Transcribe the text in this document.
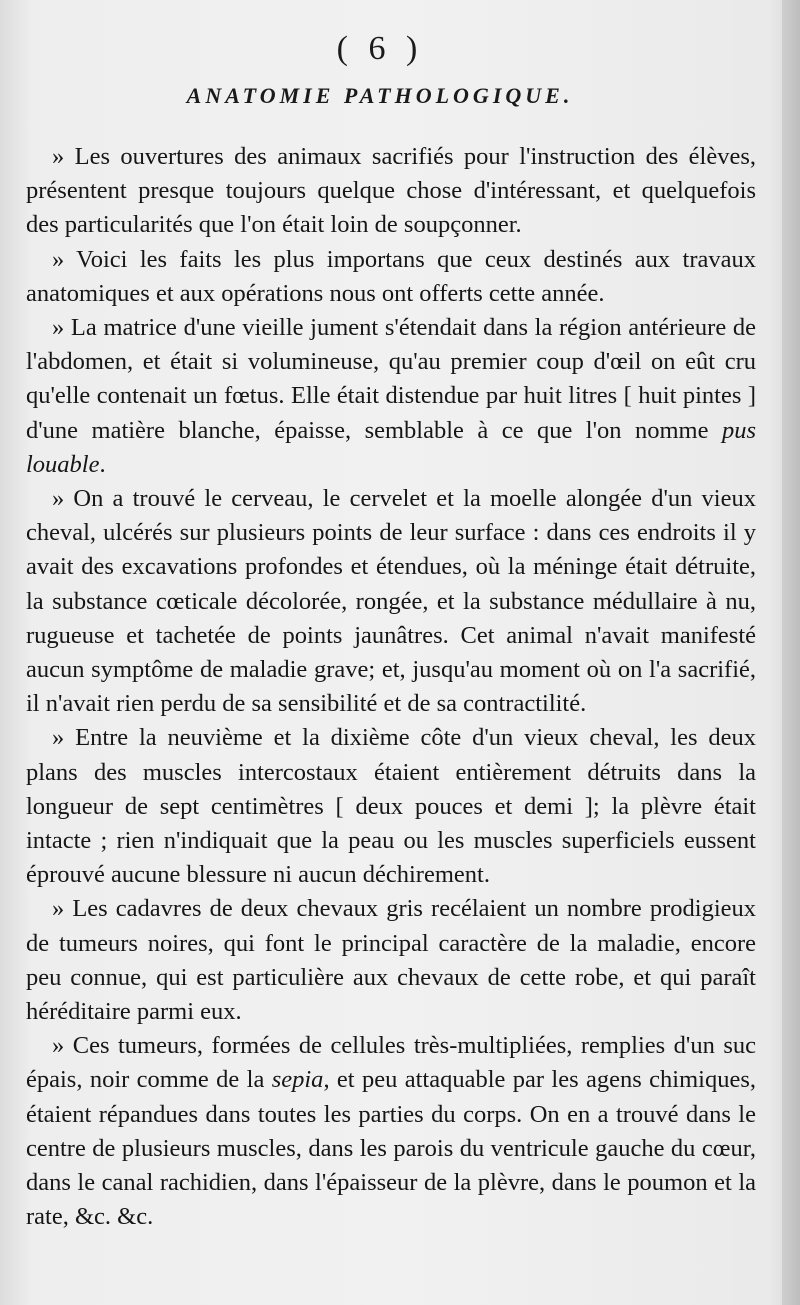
( 6 )
ANATOMIE PATHOLOGIQUE.

» Les ouvertures des animaux sacrifiés pour l'instruction des élèves, présentent presque toujours quelque chose d'intéressant, et quelquefois des particularités que l'on était loin de soupçonner.

» Voici les faits les plus importans que ceux destinés aux travaux anatomiques et aux opérations nous ont offerts cette année.

» La matrice d'une vieille jument s'étendait dans la région antérieure de l'abdomen, et était si volumineuse, qu'au premier coup d'œil on eût cru qu'elle contenait un fœtus. Elle était distendue par huit litres [ huit pintes ] d'une matière blanche, épaisse, semblable à ce que l'on nomme pus louable.

» On a trouvé le cerveau, le cervelet et la moelle alongée d'un vieux cheval, ulcérés sur plusieurs points de leur surface : dans ces endroits il y avait des excavations profondes et étendues, où la méninge était détruite, la substance cœticale décolorée, rongée, et la substance médullaire à nu, rugueuse et tachetée de points jaunâtres. Cet animal n'avait manifesté aucun symptôme de maladie grave; et, jusqu'au moment où on l'a sacrifié, il n'avait rien perdu de sa sensibilité et de sa contractilité.

» Entre la neuvième et la dixième côte d'un vieux cheval, les deux plans des muscles intercostaux étaient entièrement détruits dans la longueur de sept centimètres [ deux pouces et demi ]; la plèvre était intacte ; rien n'indiquait que la peau ou les muscles superficiels eussent éprouvé aucune blessure ni aucun déchirement.

» Les cadavres de deux chevaux gris recélaient un nombre prodigieux de tumeurs noires, qui font le principal caractère de la maladie, encore peu connue, qui est particulière aux chevaux de cette robe, et qui paraît héréditaire parmi eux.

» Ces tumeurs, formées de cellules très-multipliées, remplies d'un suc épais, noir comme de la sepia, et peu attaquable par les agens chimiques, étaient répandues dans toutes les parties du corps. On en a trouvé dans le centre de plusieurs muscles, dans les parois du ventricule gauche du cœur, dans le canal rachidien, dans l'épaisseur de la plèvre, dans le poumon et la rate, &c. &c.
